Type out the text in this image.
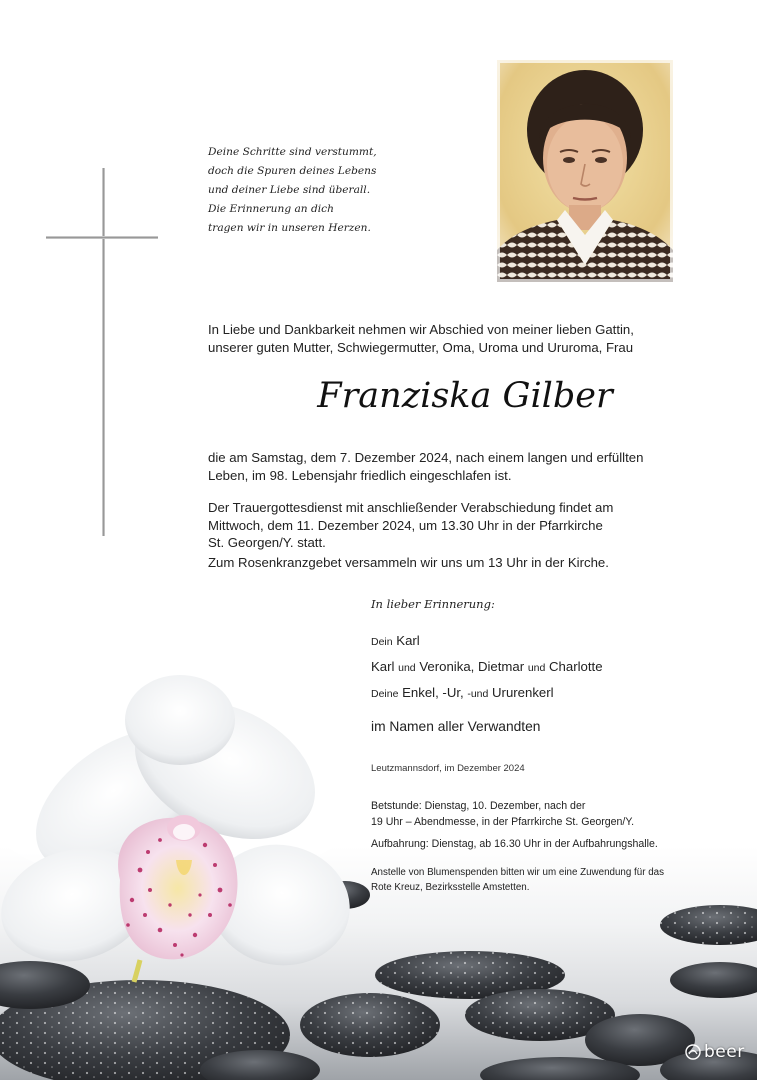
Deine Schritte sind verstummt,
doch die Spuren deines Lebens
und deiner Liebe sind überall.
Die Erinnerung an dich
tragen wir in unseren Herzen.
In Liebe und Dankbarkeit nehmen wir Abschied von meiner lieben Gattin,
unserer guten Mutter, Schwiegermutter, Oma, Uroma und Ururoma, Frau
Franziska Gilber
die am Samstag, dem 7. Dezember 2024, nach einem langen und erfüllten
Leben, im 98. Lebensjahr friedlich eingeschlafen ist.
Der Trauergottesdienst mit anschließender Verabschiedung findet am
Mittwoch, dem 11. Dezember 2024, um 13.30 Uhr in der Pfarrkirche
St. Georgen/Y. statt.
Zum Rosenkranzgebet versammeln wir uns um 13 Uhr in der Kirche.
In lieber Erinnerung:
Dein Karl
Karl und Veronika, Dietmar und Charlotte
Deine Enkel, -Ur, -und Ururenkerl
im Namen aller Verwandten
Leutzmannsdorf, im Dezember 2024
Betstunde: Dienstag, 10. Dezember, nach der
19 Uhr – Abendmesse, in der Pfarrkirche St. Georgen/Y.
Aufbahrung: Dienstag, ab 16.30 Uhr in der Aufbahrungshalle.
Anstelle von Blumenspenden bitten wir um eine Zuwendung für das
Rote Kreuz, Bezirksstelle Amstetten.
beer
